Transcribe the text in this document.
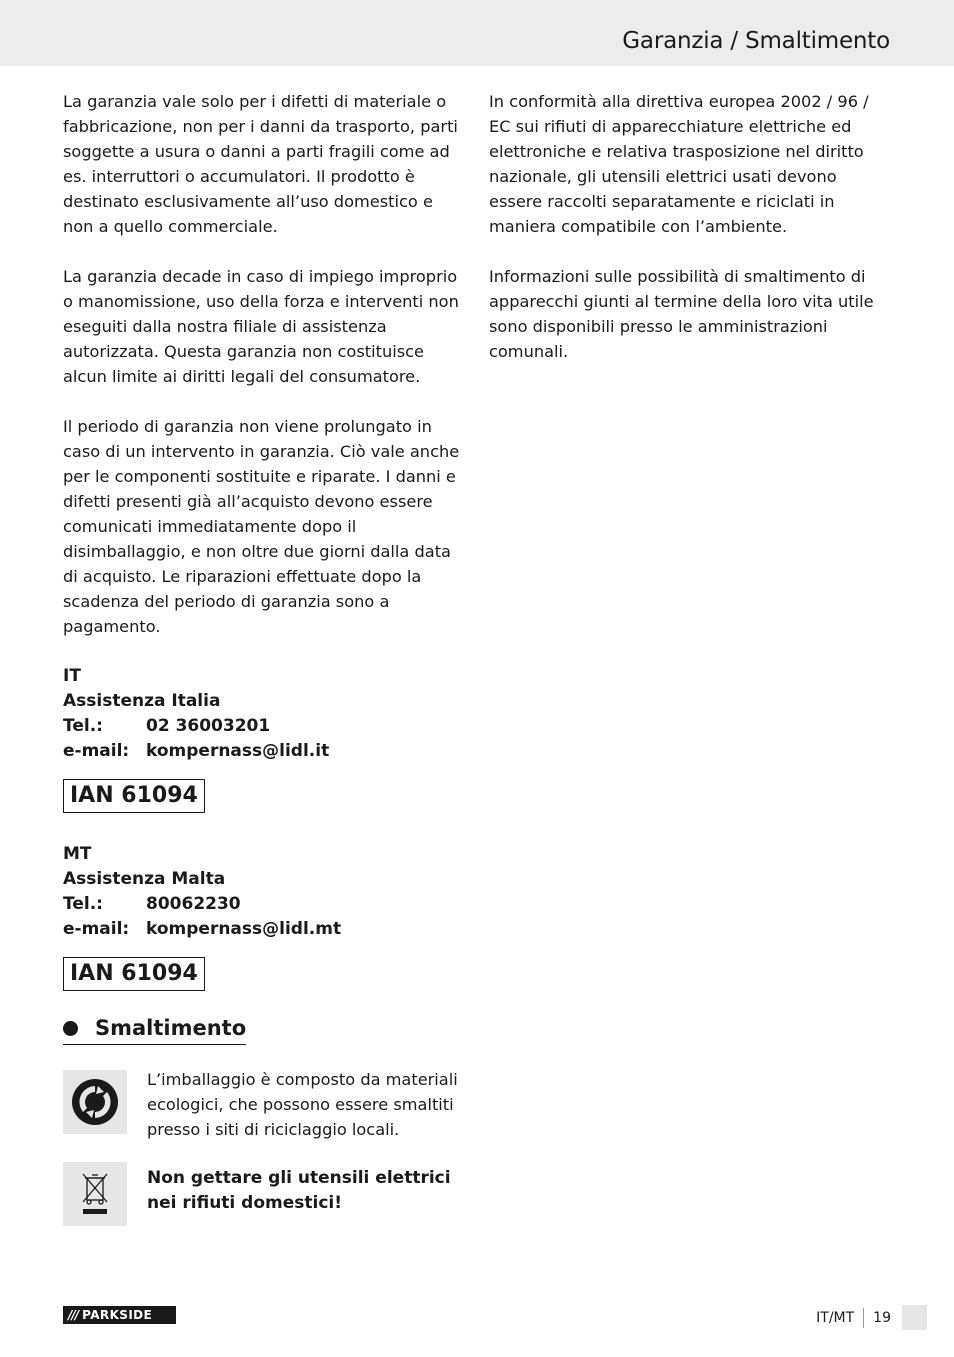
Garanzia / Smaltimento

La garanzia vale solo per i difetti di materiale o fabbricazione, non per i danni da trasporto, parti soggette a usura o danni a parti fragili come ad es. interruttori o accumulatori. Il prodotto è destinato esclusivamente all’uso domestico e non a quello commerciale.

La garanzia decade in caso di impiego improprio o manomissione, uso della forza e interventi non eseguiti dalla nostra filiale di assistenza autorizzata. Questa garanzia non costituisce alcun limite ai diritti legali del consumatore.

Il periodo di garanzia non viene prolungato in caso di un intervento in garanzia. Ciò vale anche per le componenti sostituite e riparate. I danni e difetti presenti già all’acquisto devono essere comunicati immediatamente dopo il disimballaggio, e non oltre due giorni dalla data di acquisto. Le riparazioni effettuate dopo la scadenza del periodo di garanzia sono a pagamento.

IT
Assistenza Italia
Tel.:	02 36003201
e-mail: kompernass@lidl.it
IAN 61094
MT
Assistenza Malta
Tel.:	80062230
e-mail: kompernass@lidl.mt
IAN 61094
Smaltimento
L’imballaggio è composto da materiali ecologici, che possono essere smaltiti presso i siti di riciclaggio locali.
Non gettare gli utensili elettrici nei rifiuti domestici!

In conformità alla direttiva europea 2002 / 96 / EC sui rifiuti di apparecchiature elettriche ed elettroniche e relativa trasposizione nel diritto nazionale, gli utensili elettrici usati devono essere raccolti separatamente e riciclati in maniera compatibile con l’ambiente.

Informazioni sulle possibilità di smaltimento di apparecchi giunti al termine della loro vita utile sono disponibili presso le amministrazioni comunali.

/// PARKSIDE	IT/MT 19
